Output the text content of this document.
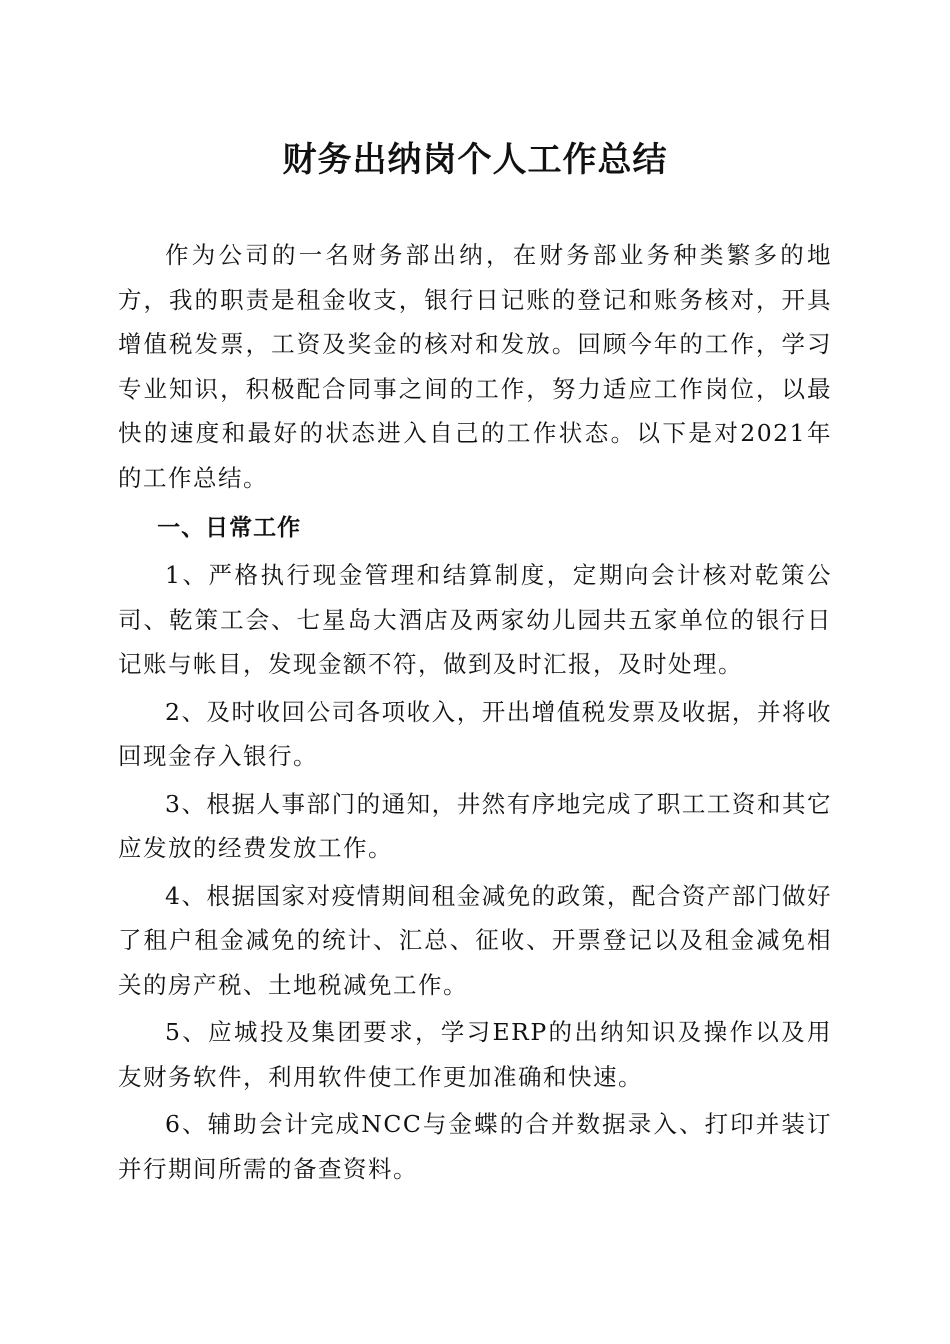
财务出纳岗个人工作总结

作为公司的一名财务部出纳，在财务部业务种类繁多的地方，我的职责是租金收支，银行日记账的登记和账务核对，开具增值税发票，工资及奖金的核对和发放。回顾今年的工作，学习专业知识，积极配合同事之间的工作，努力适应工作岗位，以最快的速度和最好的状态进入自己的工作状态。以下是对2021年的工作总结。

一、日常工作

1、严格执行现金管理和结算制度，定期向会计核对乾策公司、乾策工会、七星岛大酒店及两家幼儿园共五家单位的银行日记账与帐目，发现金额不符，做到及时汇报，及时处理。

2、及时收回公司各项收入，开出增值税发票及收据，并将收回现金存入银行。

3、根据人事部门的通知，井然有序地完成了职工工资和其它应发放的经费发放工作。

4、根据国家对疫情期间租金减免的政策，配合资产部门做好了租户租金减免的统计、汇总、征收、开票登记以及租金减免相关的房产税、土地税减免工作。

5、应城投及集团要求，学习ERP的出纳知识及操作以及用友财务软件，利用软件使工作更加准确和快速。

6、辅助会计完成NCC与金蝶的合并数据录入、打印并装订并行期间所需的备查资料。
